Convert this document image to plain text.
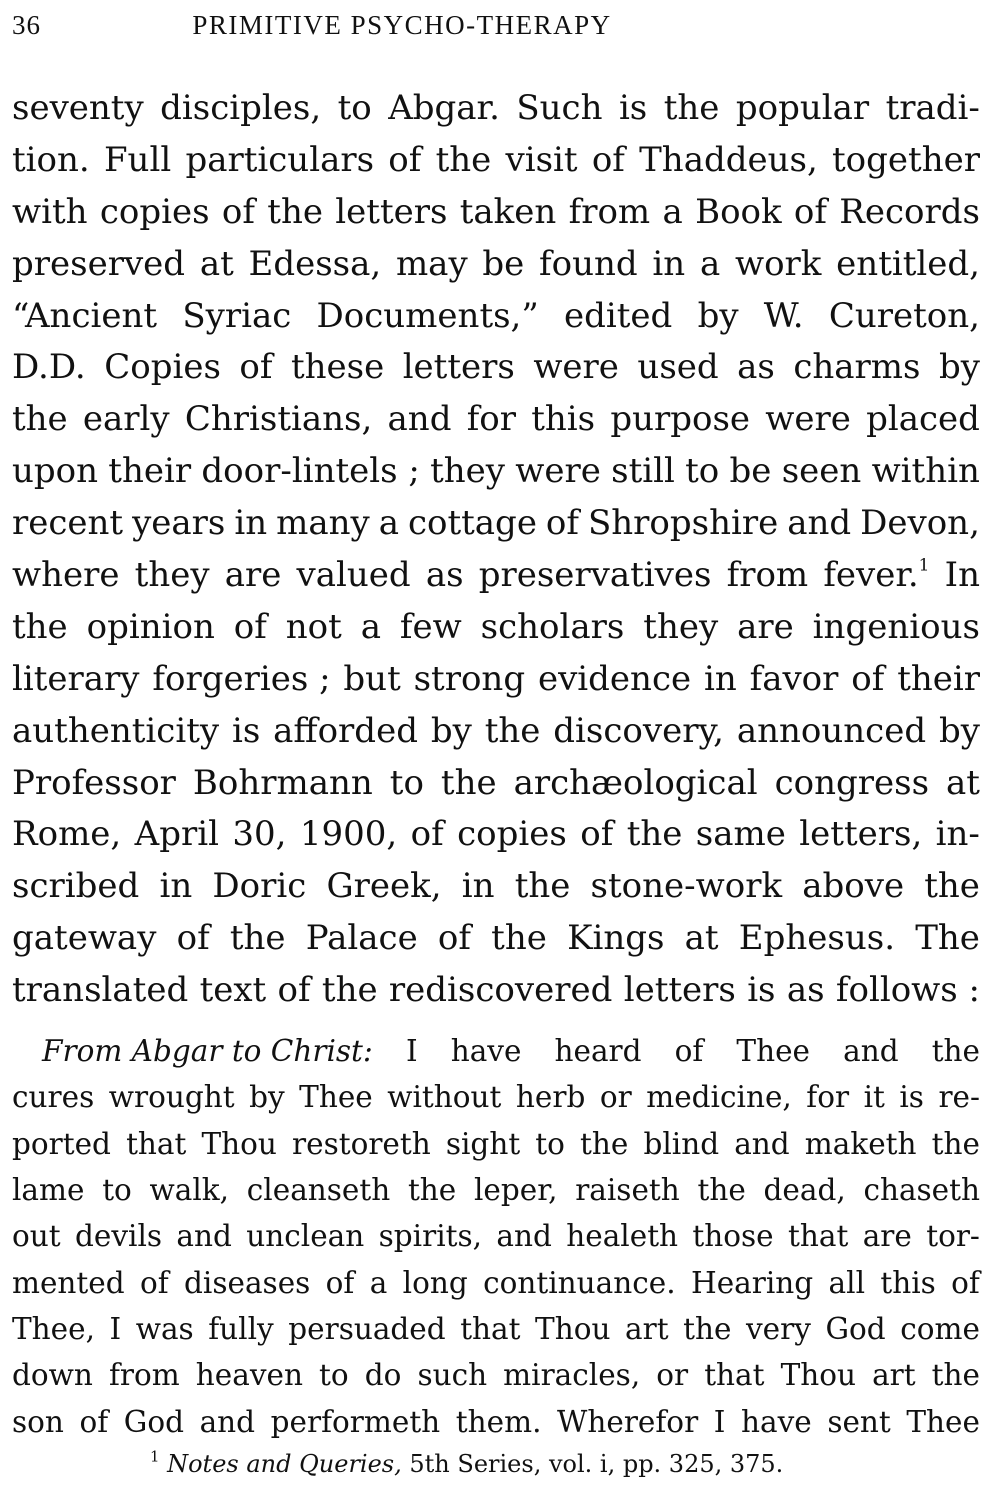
36	PRIMITIVE PSYCHO-THERAPY
seventy disciples, to Abgar. Such is the popular tradi-
tion. Full particulars of the visit of Thaddeus, together
with copies of the letters taken from a Book of Records
preserved at Edessa, may be found in a work entitled,
“Ancient Syriac Documents,” edited by W. Cureton,
D.D. Copies of these letters were used as charms by
the early Christians, and for this purpose were placed
upon their door-lintels ; they were still to be seen within
recent years in many a cottage of Shropshire and Devon,
where they are valued as preservatives from fever.$^1$ In
the opinion of not a few scholars they are ingenious
literary forgeries ; but strong evidence in favor of their
authenticity is afforded by the discovery, announced by
Professor Bohrmann to the archæological congress at
Rome, April 30, 1900, of copies of the same letters, in-
scribed in Doric Greek, in the stone-work above the
gateway of the Palace of the Kings at Ephesus. The
translated text of the rediscovered letters is as follows :
From Abgar to Christ: I have heard of Thee and the
cures wrought by Thee without herb or medicine, for it is re-
ported that Thou restoreth sight to the blind and maketh the
lame to walk, cleanseth the leper, raiseth the dead, chaseth
out devils and unclean spirits, and healeth those that are tor-
mented of diseases of a long continuance. Hearing all this of
Thee, I was fully persuaded that Thou art the very God come
down from heaven to do such miracles, or that Thou art the
son of God and performeth them. Wherefor I have sent Thee
$^1$ Notes and Queries, 5th Series, vol. i, pp. 325, 375.
